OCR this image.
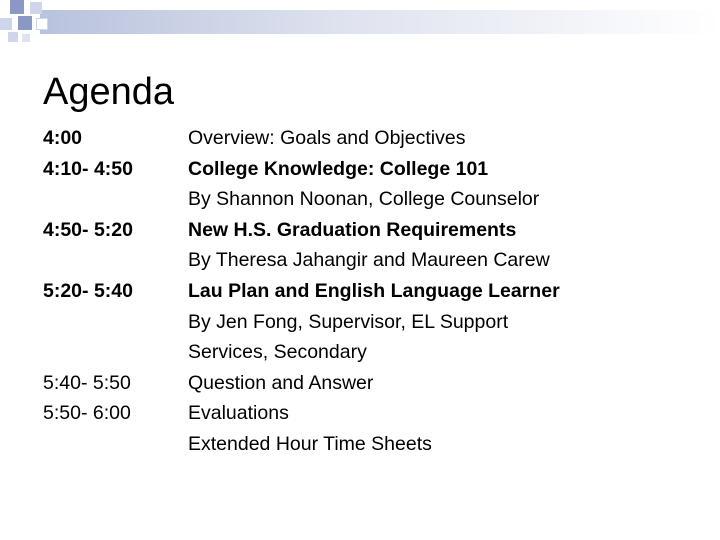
Agenda
4:00	Overview: Goals and Objectives
4:10- 4:50	College Knowledge: College 101
By Shannon Noonan, College Counselor
4:50- 5:20	New H.S. Graduation Requirements
By Theresa Jahangir and Maureen Carew
5:20- 5:40	Lau Plan and English Language Learner
By Jen Fong, Supervisor, EL Support
Services, Secondary
5:40- 5:50	Question and Answer
5:50- 6:00	Evaluations
Extended Hour Time Sheets
